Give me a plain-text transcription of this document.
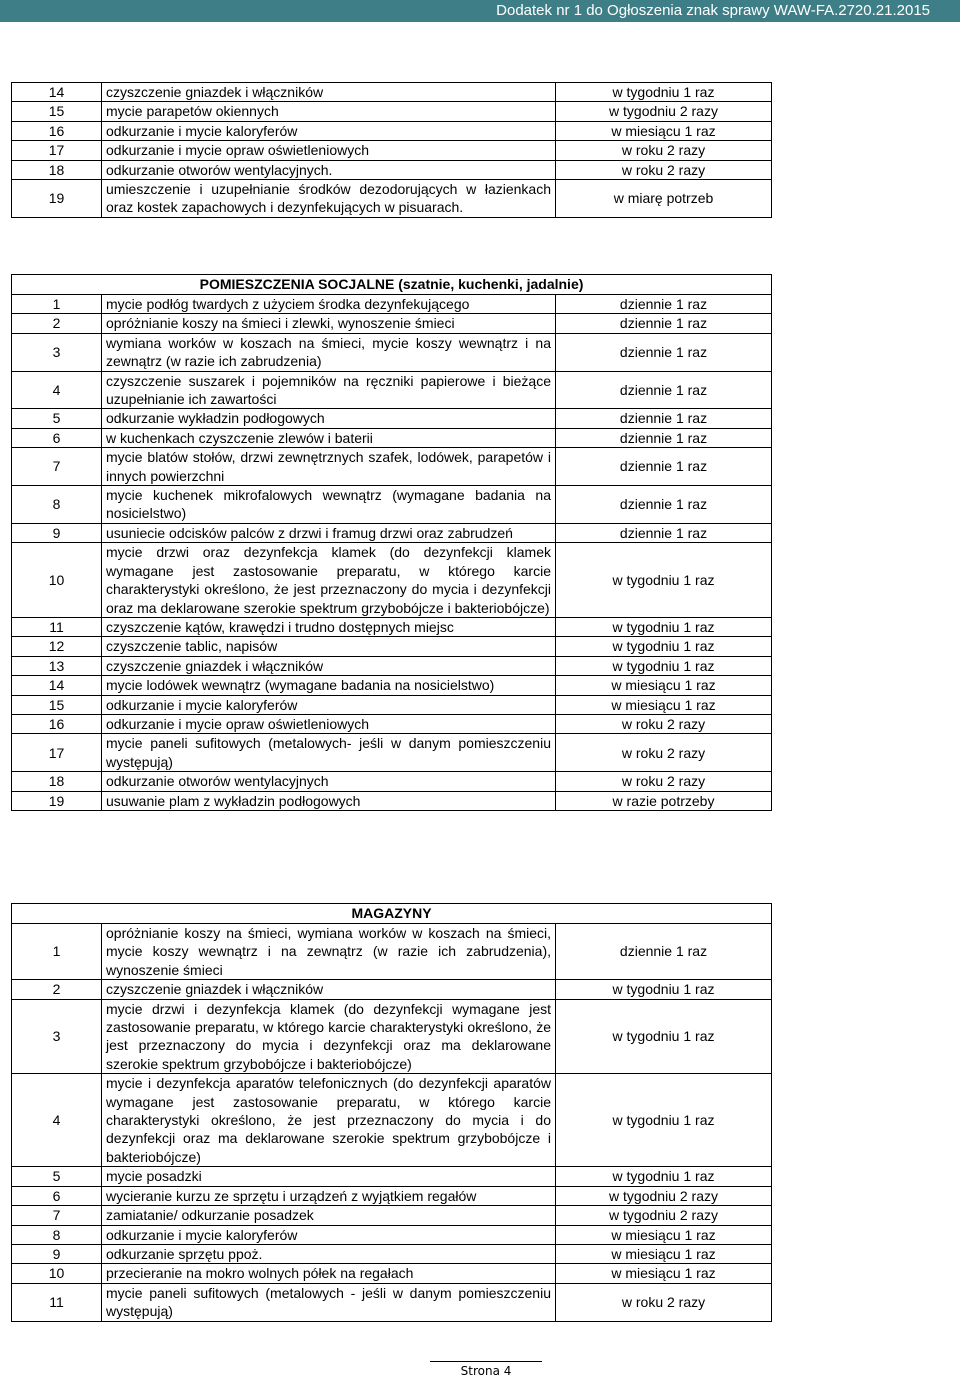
Dodatek nr 1 do Ogłoszenia znak sprawy WAW-FA.2720.21.2015
14	czyszczenie gniazdek i włączników	w tygodniu 1 raz
15	mycie parapetów okiennych	w tygodniu 2 razy
16	odkurzanie i mycie kaloryferów	w miesiącu 1 raz
17	odkurzanie i mycie opraw oświetleniowych	w roku 2 razy
18	odkurzanie otworów wentylacyjnych.	w roku 2 razy
19	umieszczenie i uzupełnianie środków dezodorujących w łazienkach oraz kostek zapachowych i dezynfekujących w pisuarach.	w miarę potrzeb
POMIESZCZENIA SOCJALNE (szatnie, kuchenki, jadalnie)		
1	mycie podłóg twardych z użyciem środka dezynfekującego	dziennie 1 raz
2	opróżnianie koszy na śmieci i zlewki, wynoszenie śmieci	dziennie 1 raz
3	wymiana worków w koszach na śmieci, mycie koszy wewnątrz i na zewnątrz (w razie ich zabrudzenia)	dziennie 1 raz
4	czyszczenie suszarek i pojemników na ręczniki papierowe i bieżące uzupełnianie ich zawartości	dziennie 1 raz
5	odkurzanie wykładzin podłogowych	dziennie 1 raz
6	w kuchenkach czyszczenie zlewów i baterii	dziennie 1 raz
7	mycie blatów stołów, drzwi zewnętrznych szafek, lodówek, parapetów i innych powierzchni	dziennie 1 raz
8	mycie kuchenek mikrofalowych wewnątrz (wymagane badania na nosicielstwo)	dziennie 1 raz
9	usuniecie odcisków palców z drzwi i framug drzwi oraz zabrudzeń	dziennie 1 raz
10	mycie drzwi oraz dezynfekcja klamek (do dezynfekcji klamek wymagane jest zastosowanie preparatu, w którego karcie charakterystyki określono, że jest przeznaczony do mycia i dezynfekcji oraz ma deklarowane szerokie spektrum grzybobójcze i bakteriobójcze)	w tygodniu 1 raz
11	czyszczenie kątów, krawędzi i trudno dostępnych miejsc	w tygodniu 1 raz
12	czyszczenie tablic, napisów	w tygodniu 1 raz
13	czyszczenie gniazdek i włączników	w tygodniu 1 raz
14	mycie lodówek wewnątrz (wymagane badania na nosicielstwo)	w miesiącu 1 raz
15	odkurzanie i mycie kaloryferów	w miesiącu 1 raz
16	odkurzanie i mycie opraw oświetleniowych	w roku 2 razy
17	mycie paneli sufitowych (metalowych- jeśli w danym pomieszczeniu występują)	w roku 2 razy
18	odkurzanie otworów wentylacyjnych	w roku 2 razy
19	usuwanie plam z wykładzin podłogowych	w razie potrzeby
MAGAZYNY		
1	opróżnianie koszy na śmieci, wymiana worków w koszach na śmieci, mycie koszy wewnątrz i na zewnątrz (w razie ich zabrudzenia), wynoszenie śmieci	dziennie 1 raz
2	czyszczenie gniazdek i włączników	w tygodniu 1 raz
3	mycie drzwi i dezynfekcja klamek (do dezynfekcji wymagane jest zastosowanie preparatu, w którego karcie charakterystyki określono, że jest przeznaczony do mycia i dezynfekcji oraz ma deklarowane szerokie spektrum grzybobójcze i bakteriobójcze)	w tygodniu 1 raz
4	mycie i dezynfekcja aparatów telefonicznych (do dezynfekcji aparatów wymagane jest zastosowanie preparatu, w którego karcie charakterystyki określono, że jest przeznaczony do mycia i do dezynfekcji oraz ma deklarowane szerokie spektrum grzybobójcze i bakteriobójcze)	w tygodniu 1 raz
5	mycie posadzki	w tygodniu 1 raz
6	wycieranie kurzu ze sprzętu i urządzeń z wyjątkiem regałów	w tygodniu 2 razy
7	zamiatanie/ odkurzanie posadzek	w tygodniu 2 razy
8	odkurzanie i mycie kaloryferów	w miesiącu 1 raz
9	odkurzanie sprzętu ppoż.	w miesiącu 1 raz
10	przecieranie na mokro wolnych półek na regałach	w miesiącu 1 raz
11	mycie paneli sufitowych (metalowych - jeśli w danym pomieszczeniu występują)	w roku 2 razy
Strona 4
